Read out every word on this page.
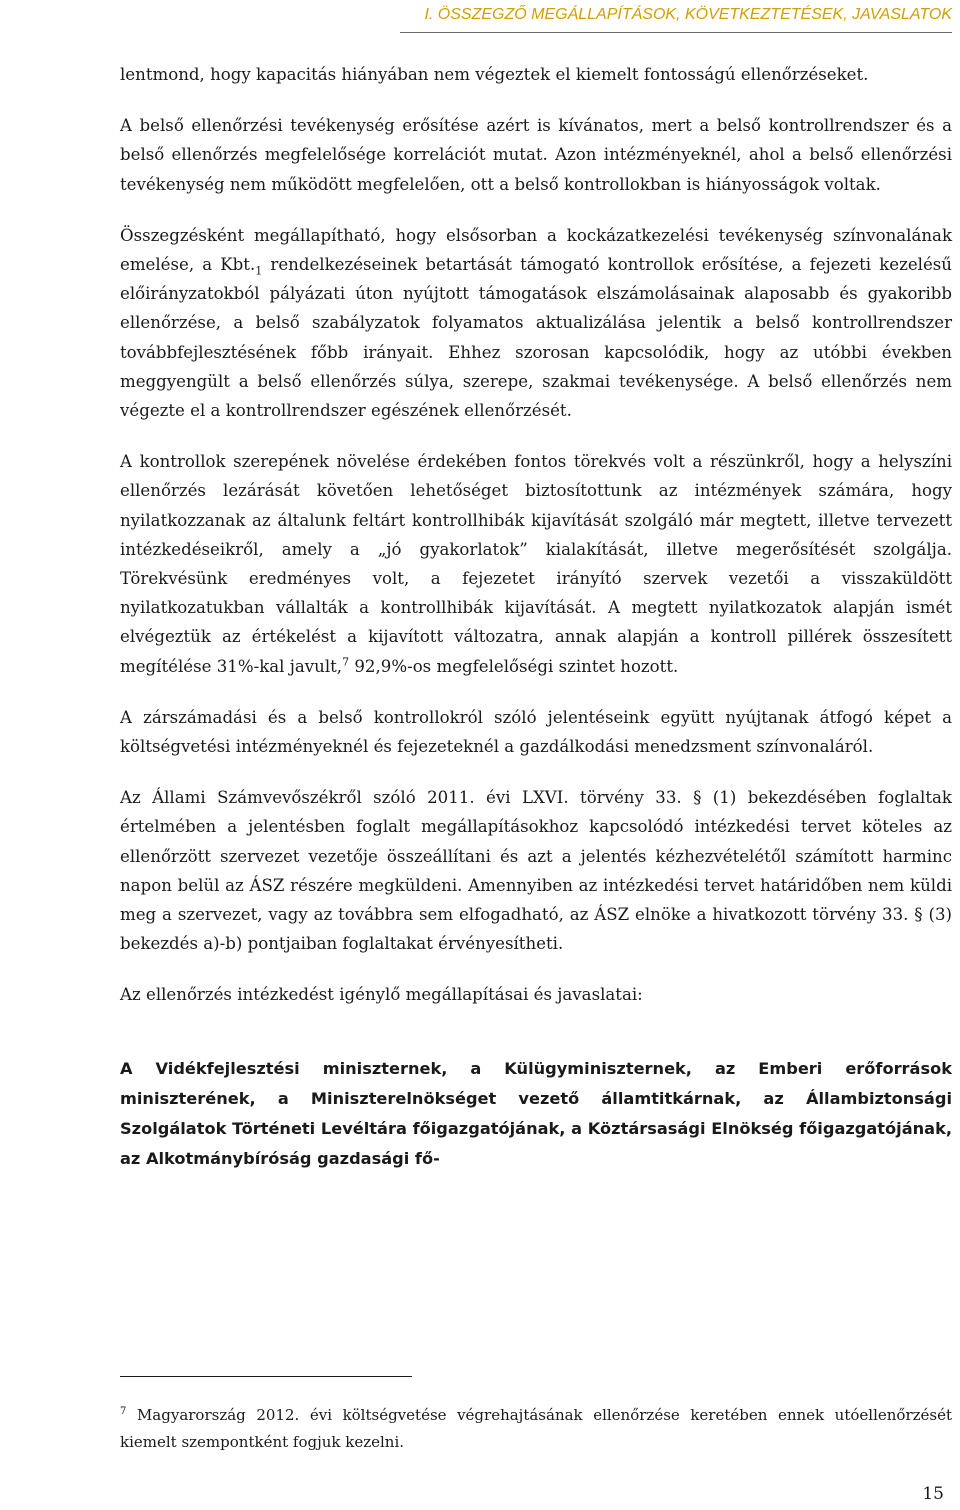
I. ÖSSZEGZŐ MEGÁLLAPÍTÁSOK, KÖVETKEZTETÉSEK, JAVASLATOK

lentmond, hogy kapacitás hiányában nem végeztek el kiemelt fontosságú ellenőrzéseket.

A belső ellenőrzési tevékenység erősítése azért is kívánatos, mert a belső kontrollrendszer és a belső ellenőrzés megfelelősége korrelációt mutat. Azon intézményeknél, ahol a belső ellenőrzési tevékenység nem működött megfelelően, ott a belső kontrollokban is hiányosságok voltak.

Összegzésként megállapítható, hogy elsősorban a kockázatkezelési tevékenység színvonalának emelése, a $Kbt._1$ rendelkezéseinek betartását támogató kontrollok erősítése, a fejezeti kezelésű előirányzatokból pályázati úton nyújtott támogatások elszámolásainak alaposabb és gyakoribb ellenőrzése, a belső szabályzatok folyamatos aktualizálása jelentik a belső kontrollrendszer továbbfejlesztésének főbb irányait. Ehhez szorosan kapcsolódik, hogy az utóbbi években meggyengült a belső ellenőrzés súlya, szerepe, szakmai tevékenysége. A belső ellenőrzés nem végezte el a kontrollrendszer egészének ellenőrzését.

A kontrollok szerepének növelése érdekében fontos törekvés volt a részünkről, hogy a helyszíni ellenőrzés lezárását követően lehetőséget biztosítottunk az intézmények számára, hogy nyilatkozzanak az általunk feltárt kontrollhibák kijavítását szolgáló már megtett, illetve tervezett intézkedéseikről, amely a „jó gyakorlatok” kialakítását, illetve megerősítését szolgálja. Törekvésünk eredményes volt, a fejezetet irányító szervek vezetői a visszaküldött nyilatkozatukban vállalták a kontrollhibák kijavítását. A megtett nyilatkozatok alapján ismét elvégeztük az értékelést a kijavított változatra, annak alapján a kontroll pillérek összesített megítélése 31%-kal javult,$^7$ 92,9%-os megfelelőségi szintet hozott.

A zárszámadási és a belső kontrollokról szóló jelentéseink együtt nyújtanak átfogó képet a költségvetési intézményeknél és fejezeteknél a gazdálkodási menedzsment színvonaláról.

Az Állami Számvevőszékről szóló 2011. évi LXVI. törvény 33. § (1) bekezdésében foglaltak értelmében a jelentésben foglalt megállapításokhoz kapcsolódó intézkedési tervet köteles az ellenőrzött szervezet vezetője összeállítani és azt a jelentés kézhezvételétől számított harminc napon belül az ÁSZ részére megküldeni. Amennyiben az intézkedési tervet határidőben nem küldi meg a szervezet, vagy az továbbra sem elfogadható, az ÁSZ elnöke a hivatkozott törvény 33. § (3) bekezdés a)-b) pontjaiban foglaltakat érvényesítheti.

Az ellenőrzés intézkedést igénylő megállapításai és javaslatai:

A Vidékfejlesztési miniszternek, a Külügyminiszternek, az Emberi erőforrások miniszterének, a Miniszterelnökséget vezető államtitkárnak, az Állambiztonsági Szolgálatok Történeti Levéltára főigazgatójának, a Köztársasági Elnökség főigazgatójának, az Alkotmánybíróság gazdasági fő-

$^7$ Magyarország 2012. évi költségvetése végrehajtásának ellenőrzése keretében ennek utóellenőrzését kiemelt szempontként fogjuk kezelni.
15
